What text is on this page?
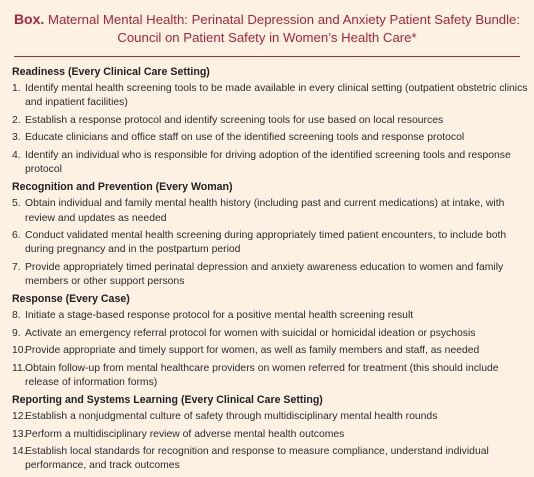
Box. Maternal Mental Health: Perinatal Depression and Anxiety Patient Safety Bundle:
Council on Patient Safety in Women’s Health Care*
Readiness (Every Clinical Care Setting)
1. Identify mental health screening tools to be made available in every clinical setting (outpatient obstetric clinics and inpatient facilities)
2. Establish a response protocol and identify screening tools for use based on local resources
3. Educate clinicians and office staff on use of the identified screening tools and response protocol
4. Identify an individual who is responsible for driving adoption of the identified screening tools and response protocol
Recognition and Prevention (Every Woman)
5. Obtain individual and family mental health history (including past and current medications) at intake, with review and updates as needed
6. Conduct validated mental health screening during appropriately timed patient encounters, to include both during pregnancy and in the postpartum period
7. Provide appropriately timed perinatal depression and anxiety awareness education to women and family members or other support persons
Response (Every Case)
8. Initiate a stage-based response protocol for a positive mental health screening result
9. Activate an emergency referral protocol for women with suicidal or homicidal ideation or psychosis
10.
Provide appropriate and timely support for women, as well as family members and staff, as needed
11. Obtain follow-up from mental healthcare providers on women referred for treatment (this should include release of information forms)
Reporting and Systems Learning (Every Clinical Care Setting)
12.
Establish a nonjudgmental culture of safety through multidisciplinary mental health rounds
13.
Perform a multidisciplinary review of adverse mental health outcomes
14.
Establish local standards for recognition and response to measure compliance, understand individual performance, and track outcomes
